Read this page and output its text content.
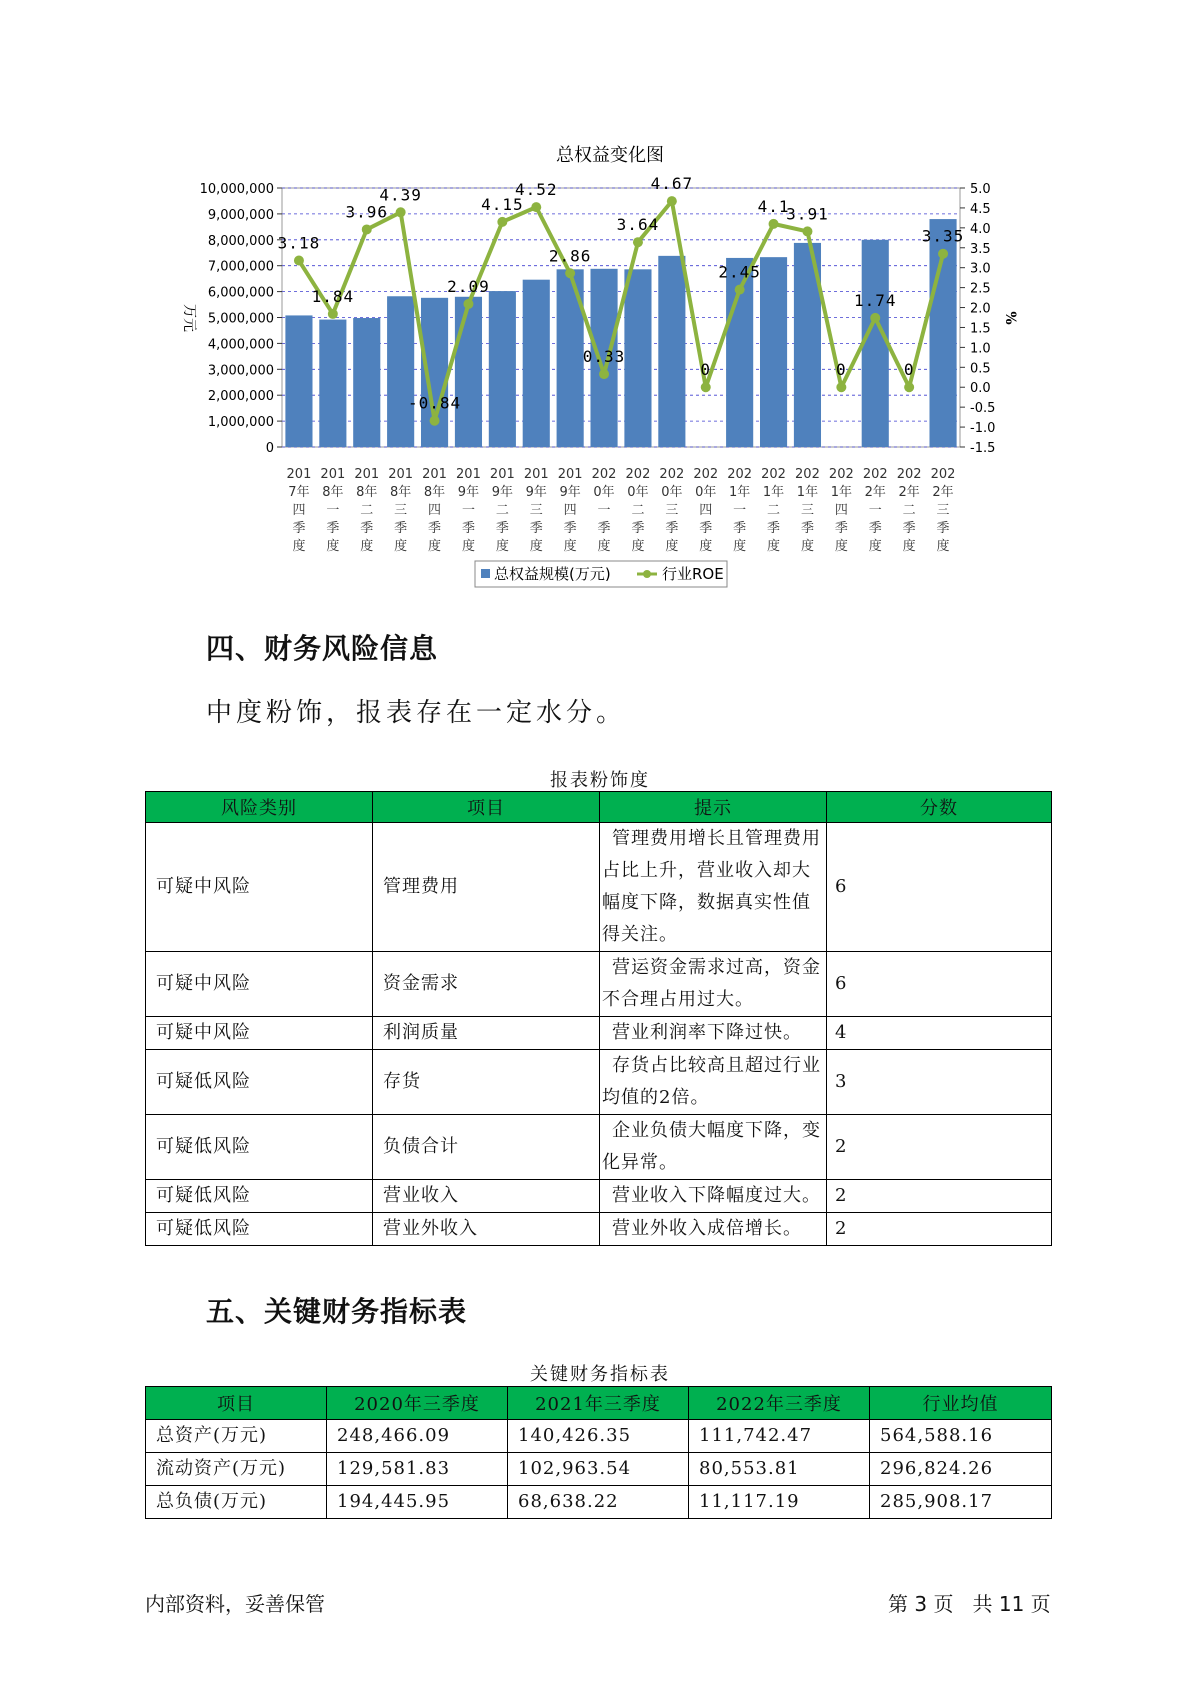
总权益变化图
3.18
1.84
3.96
4.39
-0.84
2.09
4.15
4.52
2.86
0.33
3.64
4.67
0
2.45
4.1
3.91
0
1.74
0
3.35
0
1,000,000
2,000,000
3,000,000
4,000,000
5,000,000
6,000,000
7,000,000
8,000,000
9,000,000
10,000,000
-1.5
-1.0
-0.5
0.0
0.5
1.0
1.5
2.0
2.5
3.0
3.5
4.0
4.5
5.0
201
7年
四
季
度
201
8年
一
季
度
201
8年
二
季
度
201
8年
三
季
度
201
8年
四
季
度
201
9年
一
季
度
201
9年
二
季
度
201
9年
三
季
度
201
9年
四
季
度
202
0年
一
季
度
202
0年
二
季
度
202
0年
三
季
度
202
0年
四
季
度
202
1年
一
季
度
202
1年
二
季
度
202
1年
三
季
度
202
1年
四
季
度
202
2年
一
季
度
202
2年
二
季
度
202
2年
三
季
度
万元	%
总权益规模(万元)	行业ROE
四、财务风险信息
中度粉饰，报表存在一定水分。
报表粉饰度
风险类别	项目	提示	分数
可疑中风险	管理费用	管理费用增长且管理费用占比上升，营业收入却大幅度下降，数据真实性值得关注。	6
可疑中风险	资金需求	营运资金需求过高，资金不合理占用过大。	6
可疑中风险	利润质量	营业利润率下降过快。	4
可疑低风险	存货	存货占比较高且超过行业均值的2倍。	3
可疑低风险	负债合计	企业负债大幅度下降，变化异常。	2
可疑低风险	营业收入	营业收入下降幅度过大。	2
可疑低风险	营业外收入	营业外收入成倍增长。	2
五、关键财务指标表
关键财务指标表
项目	2020年三季度	2021年三季度	2022年三季度	行业均值
总资产(万元)	248,466.09	140,426.35	111,742.47	564,588.16
流动资产(万元)	129,581.83	102,963.54	80,553.81	296,824.26
总负债(万元)	194,445.95	68,638.22	11,117.19	285,908.17
内部资料，妥善保管	第 3 页   共 11 页
